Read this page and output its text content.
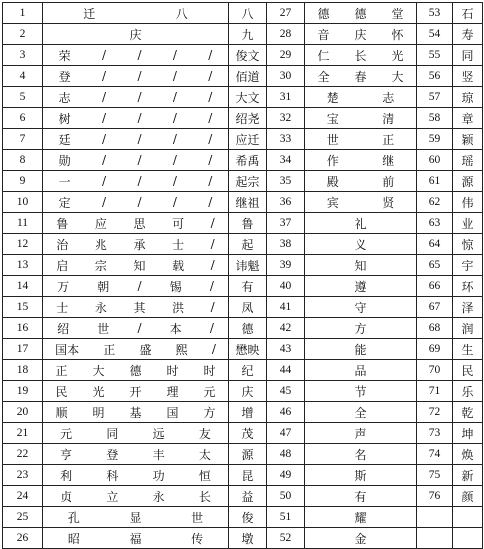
1	迁 八	八	27	德 德 堂	53	石

2	庆	九	28	音 庆 怀	54	寿

3	荣 / / / /	俊文	29	仁 长 光	55	同

4	登 / / / /	佰道	30	全 春 大	56	竖

5	志 / / / /	大文	31	楚 志	57	琼

6	树 / / / /	绍尧	32	宝 清	58	章

7	廷 / / / /	应迁	33	世 正	59	颖

8	勋 / / / /	希禹	34	作 继	60	瑶

9	一 / / / /	起宗	35	殿 前	61	源

10	定 / / / /	继祖	36	宾 贤	62	伟

11	鲁 应 思 可 /	鲁	37	礼	63	业

12	治 兆 承 士 /	起	38	义	64	惊

13	启 宗 知 载 /	讳魁	39	知	65	宇

14	万 朝 / 锡 /	有	40	遵	66	环

15	士 永 其 洪 /	凤	41	守	67	泽

16	绍 世 / 本 /	德	42	方	68	润

17	国本 正 盛 熙 /	懋映	43	能	69	生

18	正 大 德 时 时	纪	44	品	70	民

19	民 光 开 理 元	庆	45	节	71	乐

20	顺 明 基 国 方	增	46	全	72	乾

21	元 同 远 友	茂	47	声	73	坤

22	亨 登 丰 太	源	48	名	74	焕

23	利 科 功 恒	昆	49	斯	75	新

24	贞 立 永 长	益	50	有	76	颜

25	孔 显 世	俊	51	耀		

26	昭 福 传	墩	52	金		
